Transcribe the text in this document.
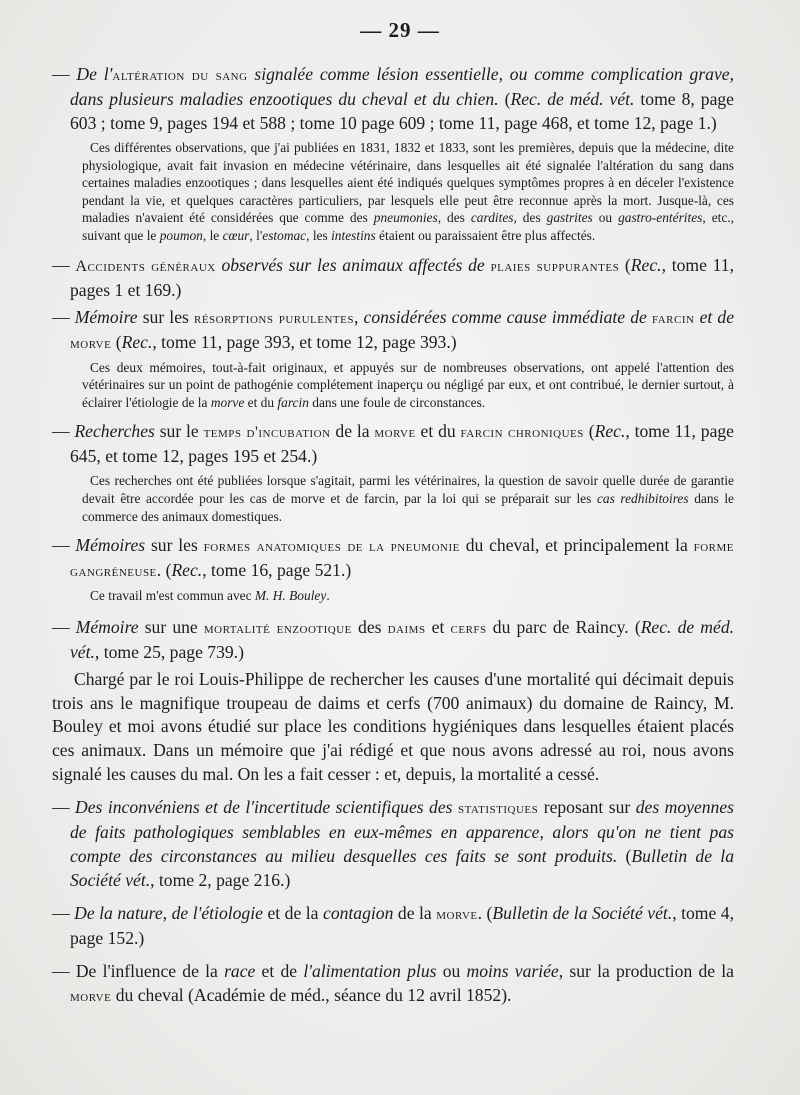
— 29 —

— De l'altération du sang signalée comme lésion essentielle, ou comme complication grave, dans plusieurs maladies enzootiques du cheval et du chien. (Rec. de méd. vét. tome 8, page 603 ; tome 9, pages 194 et 588 ; tome 10 page 609 ; tome 11, page 468, et tome 12, page 1.)

Ces différentes observations, que j'ai publiées en 1831, 1832 et 1833, sont les premières, depuis que la médecine, dite physiologique, avait fait invasion en médecine vétérinaire, dans lesquelles ait été signalée l'altération du sang dans certaines maladies enzootiques ; dans lesquelles aient été indiqués quelques symptômes propres à en déceler l'existence pendant la vie, et quelques caractères particuliers, par lesquels elle peut être reconnue après la mort. Jusque-là, ces maladies n'avaient été considérées que comme des pneumonies, des cardites, des gastrites ou gastro-entérites, etc., suivant que le poumon, le cœur, l'estomac, les intestins étaient ou paraissaient être plus affectés.

— Accidents généraux observés sur les animaux affectés de plaies suppurantes (Rec., tome 11, pages 1 et 169.)

— Mémoire sur les résorptions purulentes, considérées comme cause immédiate de farcin et de morve (Rec., tome 11, page 393, et tome 12, page 393.)

Ces deux mémoires, tout-à-fait originaux, et appuyés sur de nombreuses observations, ont appelé l'attention des vétérinaires sur un point de pathogénie complétement inaperçu ou négligé par eux, et ont contribué, le dernier surtout, à éclairer l'étiologie de la morve et du farcin dans une foule de circonstances.

— Recherches sur le temps d'incubation de la morve et du farcin chroniques (Rec., tome 11, page 645, et tome 12, pages 195 et 254.)

Ces recherches ont été publiées lorsque s'agitait, parmi les vétérinaires, la question de savoir quelle durée de garantie devait être accordée pour les cas de morve et de farcin, par la loi qui se préparait sur les cas redhibitoires dans le commerce des animaux domestiques.

— Mémoires sur les formes anatomiques de la pneumonie du cheval, et principalement la forme gangréneuse. (Rec., tome 16, page 521.)

Ce travail m'est commun avec M. H. Bouley.

— Mémoire sur une mortalité enzootique des daims et cerfs du parc de Raincy. (Rec. de méd. vét., tome 25, page 739.)

Chargé par le roi Louis-Philippe de rechercher les causes d'une mortalité qui décimait depuis trois ans le magnifique troupeau de daims et cerfs (700 animaux) du domaine de Raincy, M. Bouley et moi avons étudié sur place les conditions hygiéniques dans lesquelles étaient placés ces animaux. Dans un mémoire que j'ai rédigé et que nous avons adressé au roi, nous avons signalé les causes du mal. On les a fait cesser : et, depuis, la mortalité a cessé.

— Des inconvéniens et de l'incertitude scientifiques des statistiques reposant sur des moyennes de faits pathologiques semblables en eux-mêmes en apparence, alors qu'on ne tient pas compte des circonstances au milieu desquelles ces faits se sont produits. (Bulletin de la Société vét., tome 2, page 216.)

— De la nature, de l'étiologie et de la contagion de la morve. (Bulletin de la Société vét., tome 4, page 152.)

— De l'influence de la race et de l'alimentation plus ou moins variée, sur la production de la morve du cheval (Académie de méd., séance du 12 avril 1852).
